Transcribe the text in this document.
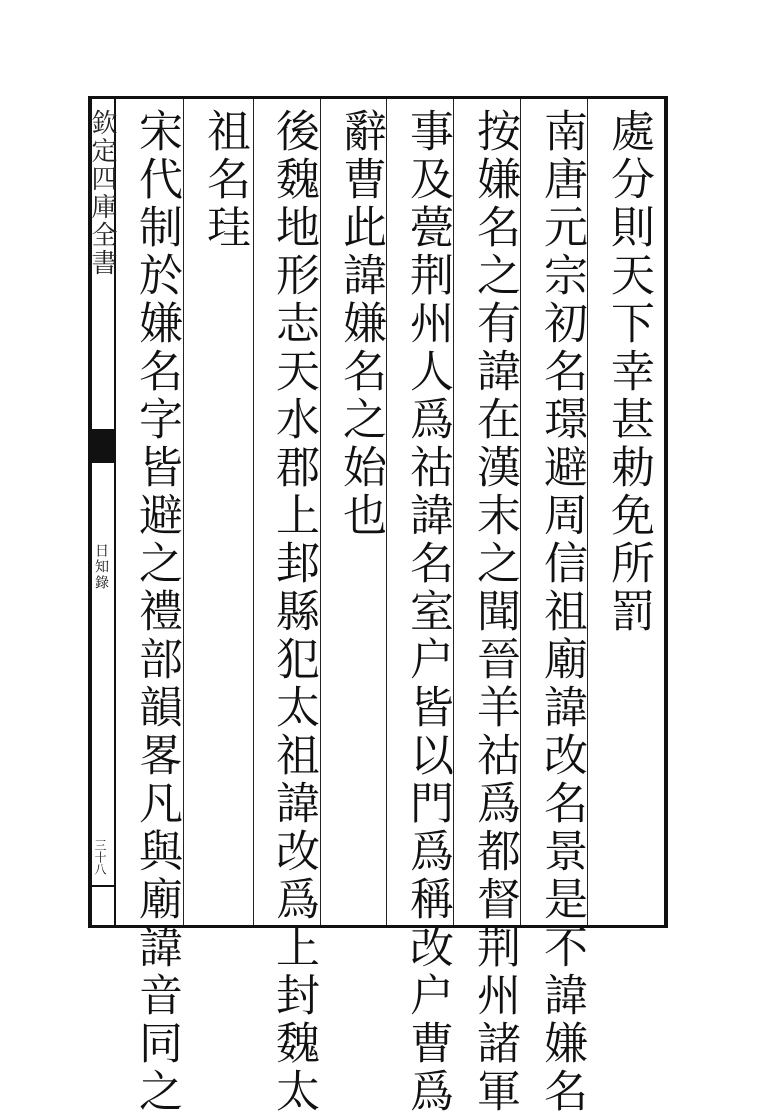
欽定四庫全書
日知錄
三十八
處分則天下幸甚勅免所罰
南唐元宗初名璟避周信祖廟諱改名景是不諱嫌名
按嫌名之有諱在漢末之聞晉羊祜爲都督荆州諸軍
事及甍荆州人爲祜諱名室户皆以門爲稱改户曹爲
辭曹此諱嫌名之始也
後魏地形志天水郡上邽縣犯太祖諱改爲上封魏太
祖名珪
宋代制於嫌名字皆避之禮部韻畧凡與廟諱音同之
